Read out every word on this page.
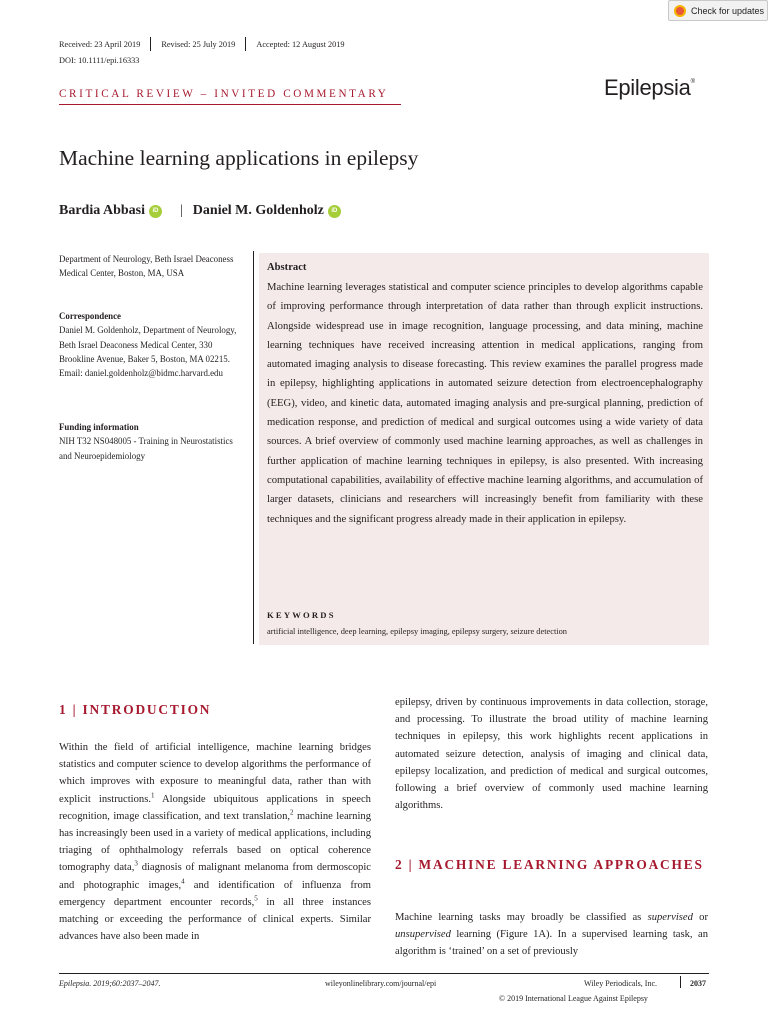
Check for updates
Received: 23 April 2019	Revised: 25 July 2019	Accepted: 12 August 2019
DOI: 10.1111/epi.16333
CRITICAL REVIEW – INVITED COMMENTARY	Epilepsia®
Machine learning applications in epilepsy
Bardia Abbasi	iD | Daniel M. Goldenholz	iD
Department of Neurology, Beth Israel Deaconess Medical Center, Boston, MA, USA
Correspondence
Daniel M. Goldenholz, Department of Neurology, Beth Israel Deaconess Medical Center, 330 Brookline Avenue, Baker 5, Boston, MA 02215.
Email: daniel.goldenholz@bidmc.harvard.edu
Funding information
NIH T32 NS048005 - Training in Neurostatistics and Neuroepidemiology
Abstract
Machine learning leverages statistical and computer science principles to develop algorithms capable of improving performance through interpretation of data rather than through explicit instructions. Alongside widespread use in image recognition, language processing, and data mining, machine learning techniques have received increasing attention in medical applications, ranging from automated imaging analysis to disease forecasting. This review examines the parallel progress made in epilepsy, highlighting applications in automated seizure detection from electroencephalography (EEG), video, and kinetic data, automated imaging analysis and pre-surgical planning, prediction of medication response, and prediction of medical and surgical outcomes using a wide variety of data sources. A brief overview of commonly used machine learning approaches, as well as challenges in further application of machine learning techniques in epilepsy, is also presented. With increasing computational capabilities, availability of effective machine learning algorithms, and accumulation of larger datasets, clinicians and researchers will increasingly benefit from familiarity with these techniques and the significant progress already made in their application in epilepsy.
KEYWORDS
artificial intelligence, deep learning, epilepsy imaging, epilepsy surgery, seizure detection
1 | INTRODUCTION
Within the field of artificial intelligence, machine learning bridges statistics and computer science to develop algorithms the performance of which improves with exposure to meaningful data, rather than with explicit instructions.$^1$ Alongside ubiquitous applications in speech recognition, image classification, and text translation,$^2$ machine learning has increasingly been used in a variety of medical applications, including triaging of ophthalmology referrals based on optical coherence tomography data,$^3$ diagnosis of malignant melanoma from dermoscopic and photographic images,$^4$ and identification of influenza from emergency department encounter records,$^5$ in all three instances matching or exceeding the performance of clinical experts. Similar advances have also been made in
epilepsy, driven by continuous improvements in data collection, storage, and processing. To illustrate the broad utility of machine learning techniques in epilepsy, this work highlights recent applications in automated seizure detection, analysis of imaging and clinical data, epilepsy localization, and prediction of medical and surgical outcomes, following a brief overview of commonly used machine learning algorithms.
2 | MACHINE LEARNING APPROACHES
Machine learning tasks may broadly be classified as supervised or unsupervised learning (Figure 1A). In a supervised learning task, an algorithm is ‘trained’ on a set of previously
Epilepsia. 2019;60:2037–2047.	wileyonlinelibrary.com/journal/epi	Wiley Periodicals, Inc.	2037
© 2019 International League Against Epilepsy
